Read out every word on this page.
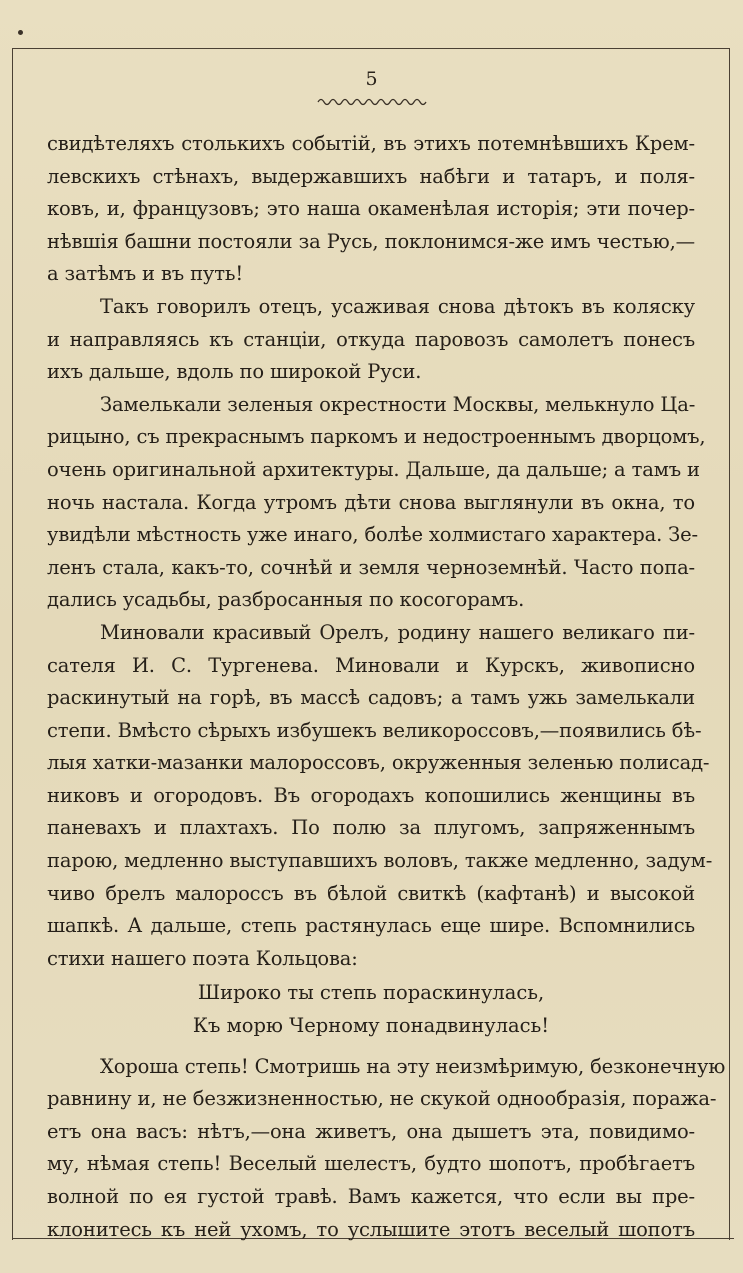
5
свидѣтеляхъ столькихъ событій, въ этихъ потемнѣвшихъ Крем-
левскихъ стѣнахъ, выдержавшихъ набѣги и татаръ, и поля-
ковъ, и, французовъ; это наша окаменѣлая исторія; эти почер-
нѣвшія башни постояли за Русь, поклонимся-же имъ честью,—
а затѣмъ и въ путь!
Такъ говорилъ отецъ, усаживая снова дѣтокъ въ коляску
и направляясь къ станціи, откуда паровозъ самолетъ понесъ
ихъ дальше, вдоль по широкой Руси.
Замелькали зеленыя окрестности Москвы, мелькнуло Ца-
рицыно, съ прекраснымъ паркомъ и недостроеннымъ дворцомъ,
очень оригинальной архитектуры. Дальше, да дальше; а тамъ и
ночь настала. Когда утромъ дѣти снова выглянули въ окна, то
увидѣли мѣстность уже инаго, болѣе холмистаго характера. Зе-
ленъ стала, какъ-то, сочнѣй и земля черноземнѣй. Часто попа-
дались усадьбы, разбросанныя по косогорамъ.
Миновали красивый Орелъ, родину нашего великаго пи-
сателя И. С. Тургенева. Миновали и Курскъ, живописно
раскинутый на горѣ, въ массѣ садовъ; а тамъ ужь замелькали
степи. Вмѣсто сѣрыхъ избушекъ великороссовъ,—появились бѣ-
лыя хатки-мазанки малороссовъ, окруженныя зеленью полисад-
никовъ и огородовъ. Въ огородахъ копошились женщины въ
паневахъ и плахтахъ. По полю за плугомъ, запряженнымъ
парою, медленно выступавшихъ воловъ, также медленно, задум-
чиво брелъ малороссъ въ бѣлой свиткѣ (кафтанѣ) и высокой
шапкѣ. А дальше, степь растянулась еще шире. Вспомнились
стихи нашего поэта Кольцова:
Широко ты степь пораскинулась,
Къ морю Черному понадвинулась!
Хороша степь! Смотришь на эту неизмѣримую, безконечную
равнину и, не безжизненностью, не скукой однообразія, поража-
етъ она васъ: нѣтъ,—она живетъ, она дышетъ эта, повидимо-
му, нѣмая степь! Веселый шелестъ, будто шопотъ, пробѣгаетъ
волной по ея густой травѣ. Вамъ кажется, что если вы пре-
клонитесь къ ней ухомъ, то услышите этотъ веселый шопотъ
